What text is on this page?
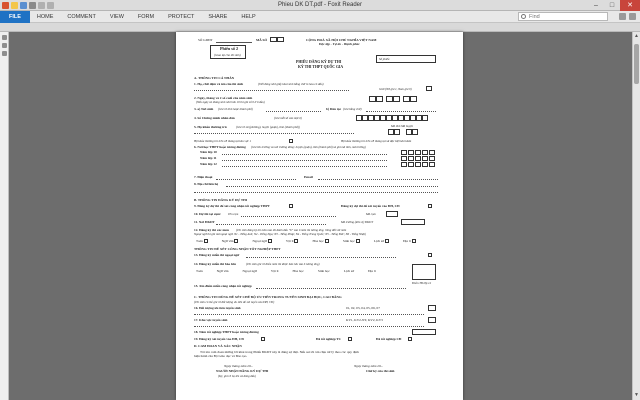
Phieu DK DT.pdf - Foxit Reader	–	□	✕
FILE	HOME	COMMENT	VIEW	FORM	PROTECT	SHARE	HELP
Find
▲
▼
SỐ GDĐT	MÃ SỐ	CỘNG HOÀ XÃ HỘI CHỦ NGHĨA VIỆT NAM
Độc lập - Tự do - Hạnh phúc
Phiếu số 2
(Giao lại cho thí sinh)
Số phiếu
PHIẾU ĐĂNG KÝ DỰ THI
KỲ THI THPT QUỐC GIA
A. THÔNG TIN CÁ NHÂN
1. Họ, chữ đệm và tên của thí sinh	(Viết đúng như giấy khai sinh bằng chữ in hoa có dấu)
Giới (Nữ ghi 1, Nam ghi 0)
2. Ngày, tháng và 2 số cuối của năm sinh
(Nếu ngày và tháng sinh nhỏ hơn 10 thì ghi số 0 ở ô đầu)
3. a) Nơi sinh (Ghi rõ tỉnh hoặc thành phố)	b) Dân tộc (Ghi bằng chữ)
4. Số Chứng minh nhân dân	(Ghi mỗi số vào một ô)
5. Hộ khẩu thường trú	(Ghi rõ xã (phường), huyện (quận), tỉnh (thành phố))	Mã tỉnh Mã huyện
Hộ khẩu thường trú trên 18 tháng tại khu vực 1	Hộ khẩu thường trú trên 18 tháng tại xã đặc biệt khó khăn
6. Nơi học THPT hoặc tương đương (Ghi tên trường và nơi trường đóng: huyện (quận), tỉnh (thành phố) và ghi mã tỉnh, mã trường)
Năm lớp 10
Năm lớp 11
Năm lớp 12
7. Điện thoại	Email
8. Địa chỉ liên hệ
B. THÔNG TIN ĐĂNG KÝ DỰ THI
9. Đăng ký dự thi để xét công nhận tốt nghiệp THPT	Đăng ký dự thi để xét tuyển vào ĐH, CĐ
10. Dự thi tại cụm: Tên cụm	Mã cụm
11. Nơi ĐKDT	Mã trường (đơn vị) ĐKDT
12. Đăng ký thi các môn (Thí sinh đăng ký thi môn nào thì đánh dấu "X" vào ô môn thi tương ứng, riêng đối với môn
Ngoại ngữ thì ghi mã ngoại ngữ. N1 - Tiếng Anh; N2 - Tiếng Nga; N3 - Tiếng Pháp; N4 - Tiếng Trung Quốc; N5 - Tiếng Đức; N6 - Tiếng Nhật)
Toán	Ngữ văn	Ngoại ngữ	Vật lí	Hóa học	Sinh học	Lịch sử	Địa lí
THÔNG TIN ĐỂ XÉT CÔNG NHẬN TỐT NGHIỆP THPT
13. Đăng ký miễn thi ngoại ngữ
14. Đăng ký miễn thi bảo lưu	(Thí sinh ghi rõ điểm môn thi được bảo lưu vào ô tương ứng)
Toán	Ngữ văn	Ngoại ngữ	Vật lí	Hóa học	Sinh học	Lịch sử	Địa lí
15. Xin điểm miễn công nhận tốt nghiệp
Điểm TB lớp 12
C. THÔNG TIN DÙNG ĐỂ XÉT CHẾ ĐỘ ƯU TIÊN TRONG TUYỂN SINH ĐẠI HỌC, CAO ĐẲNG
(Thí sinh có thể ghi rõ đối tượng ưu tiên để xét tuyển vào ĐH, CĐ)
16. Đối tượng ưu tiên tuyển sinh	01, 02, 03, 04, 05, 06, 07
17. Khu vực tuyển sinh	KV1, KV2-NT, KV2, KV3
18. Năm tốt nghiệp THPT hoặc tương đương
19. Đăng ký xét tuyển vào ĐH, CĐ	Đã tốt nghiệp TC	Đã tốt nghiệp CĐ
D. CAM ĐOAN VÀ XÁC NHẬN
Tôi xin cam đoan những lời khai trong Phiếu ĐKDT này là đúng sự thật. Nếu sai tôi xin chịu xử lý theo các quy định
hiện hành của Bộ Giáo dục và Đào tạo.
Ngày tháng năm 20...	Ngày tháng năm 20...
NGƯỜI NHẬN ĐĂNG KÝ DỰ THI
(Ký, ghi rõ họ tên và đóng dấu)
Chữ ký của thí sinh
